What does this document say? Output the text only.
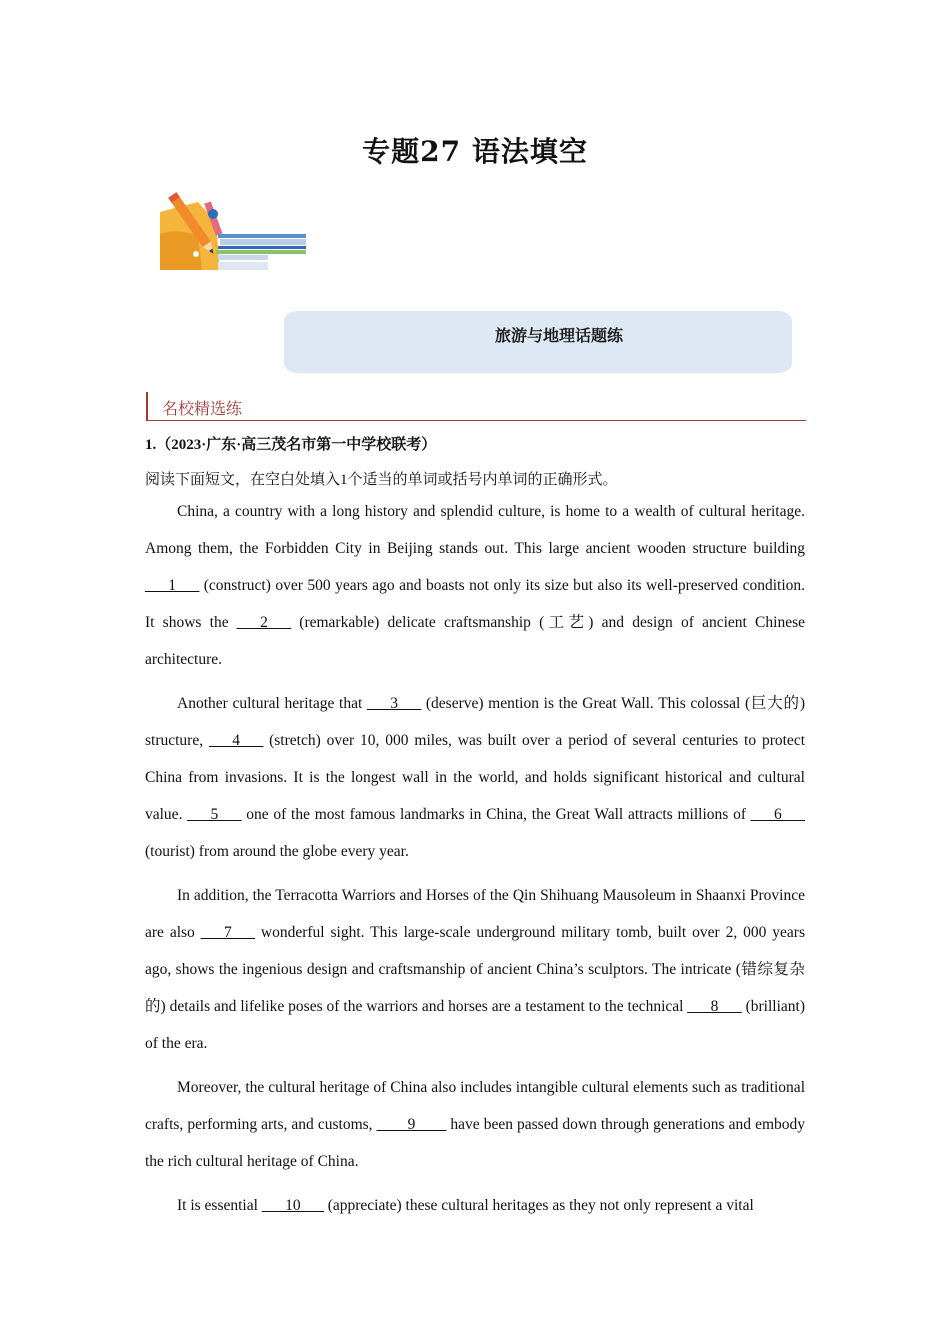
专题27 语法填空
旅游与地理话题练
名校精选练
1.（2023·广东·高三茂名市第一中学校联考）
阅读下面短文，在空白处填入1个适当的单词或括号内单词的正确形式。

China, a country with a long history and splendid culture, is home to a wealth of cultural heritage. Among them, the Forbidden City in Beijing stands out. This large ancient wooden structure building ___1___ (construct) over 500 years ago and boasts not only its size but also its well-preserved condition. It shows the ___2___ (remarkable) delicate craftsmanship (工艺) and design of ancient Chinese architecture.

Another cultural heritage that ___3___ (deserve) mention is the Great Wall. This colossal (巨大的) structure, ___4___ (stretch) over 10, 000 miles, was built over a period of several centuries to protect China from invasions. It is the longest wall in the world, and holds significant historical and cultural value. ___5___ one of the most famous landmarks in China, the Great Wall attracts millions of ___6___ (tourist) from around the globe every year.

In addition, the Terracotta Warriors and Horses of the Qin Shihuang Mausoleum in Shaanxi Province are also ___7___ wonderful sight. This large-scale underground military tomb, built over 2, 000 years ago, shows the ingenious design and craftsmanship of ancient China’s sculptors. The intricate (错综复杂的) details and lifelike poses of the warriors and horses are a testament to the technical ___8___ (brilliant) of the era.

Moreover, the cultural heritage of China also includes intangible cultural elements such as traditional crafts, performing arts, and customs, ____9____ have been passed down through generations and embody the rich cultural heritage of China.

It is essential ___10___ (appreciate) these cultural heritages as they not only represent a vital
